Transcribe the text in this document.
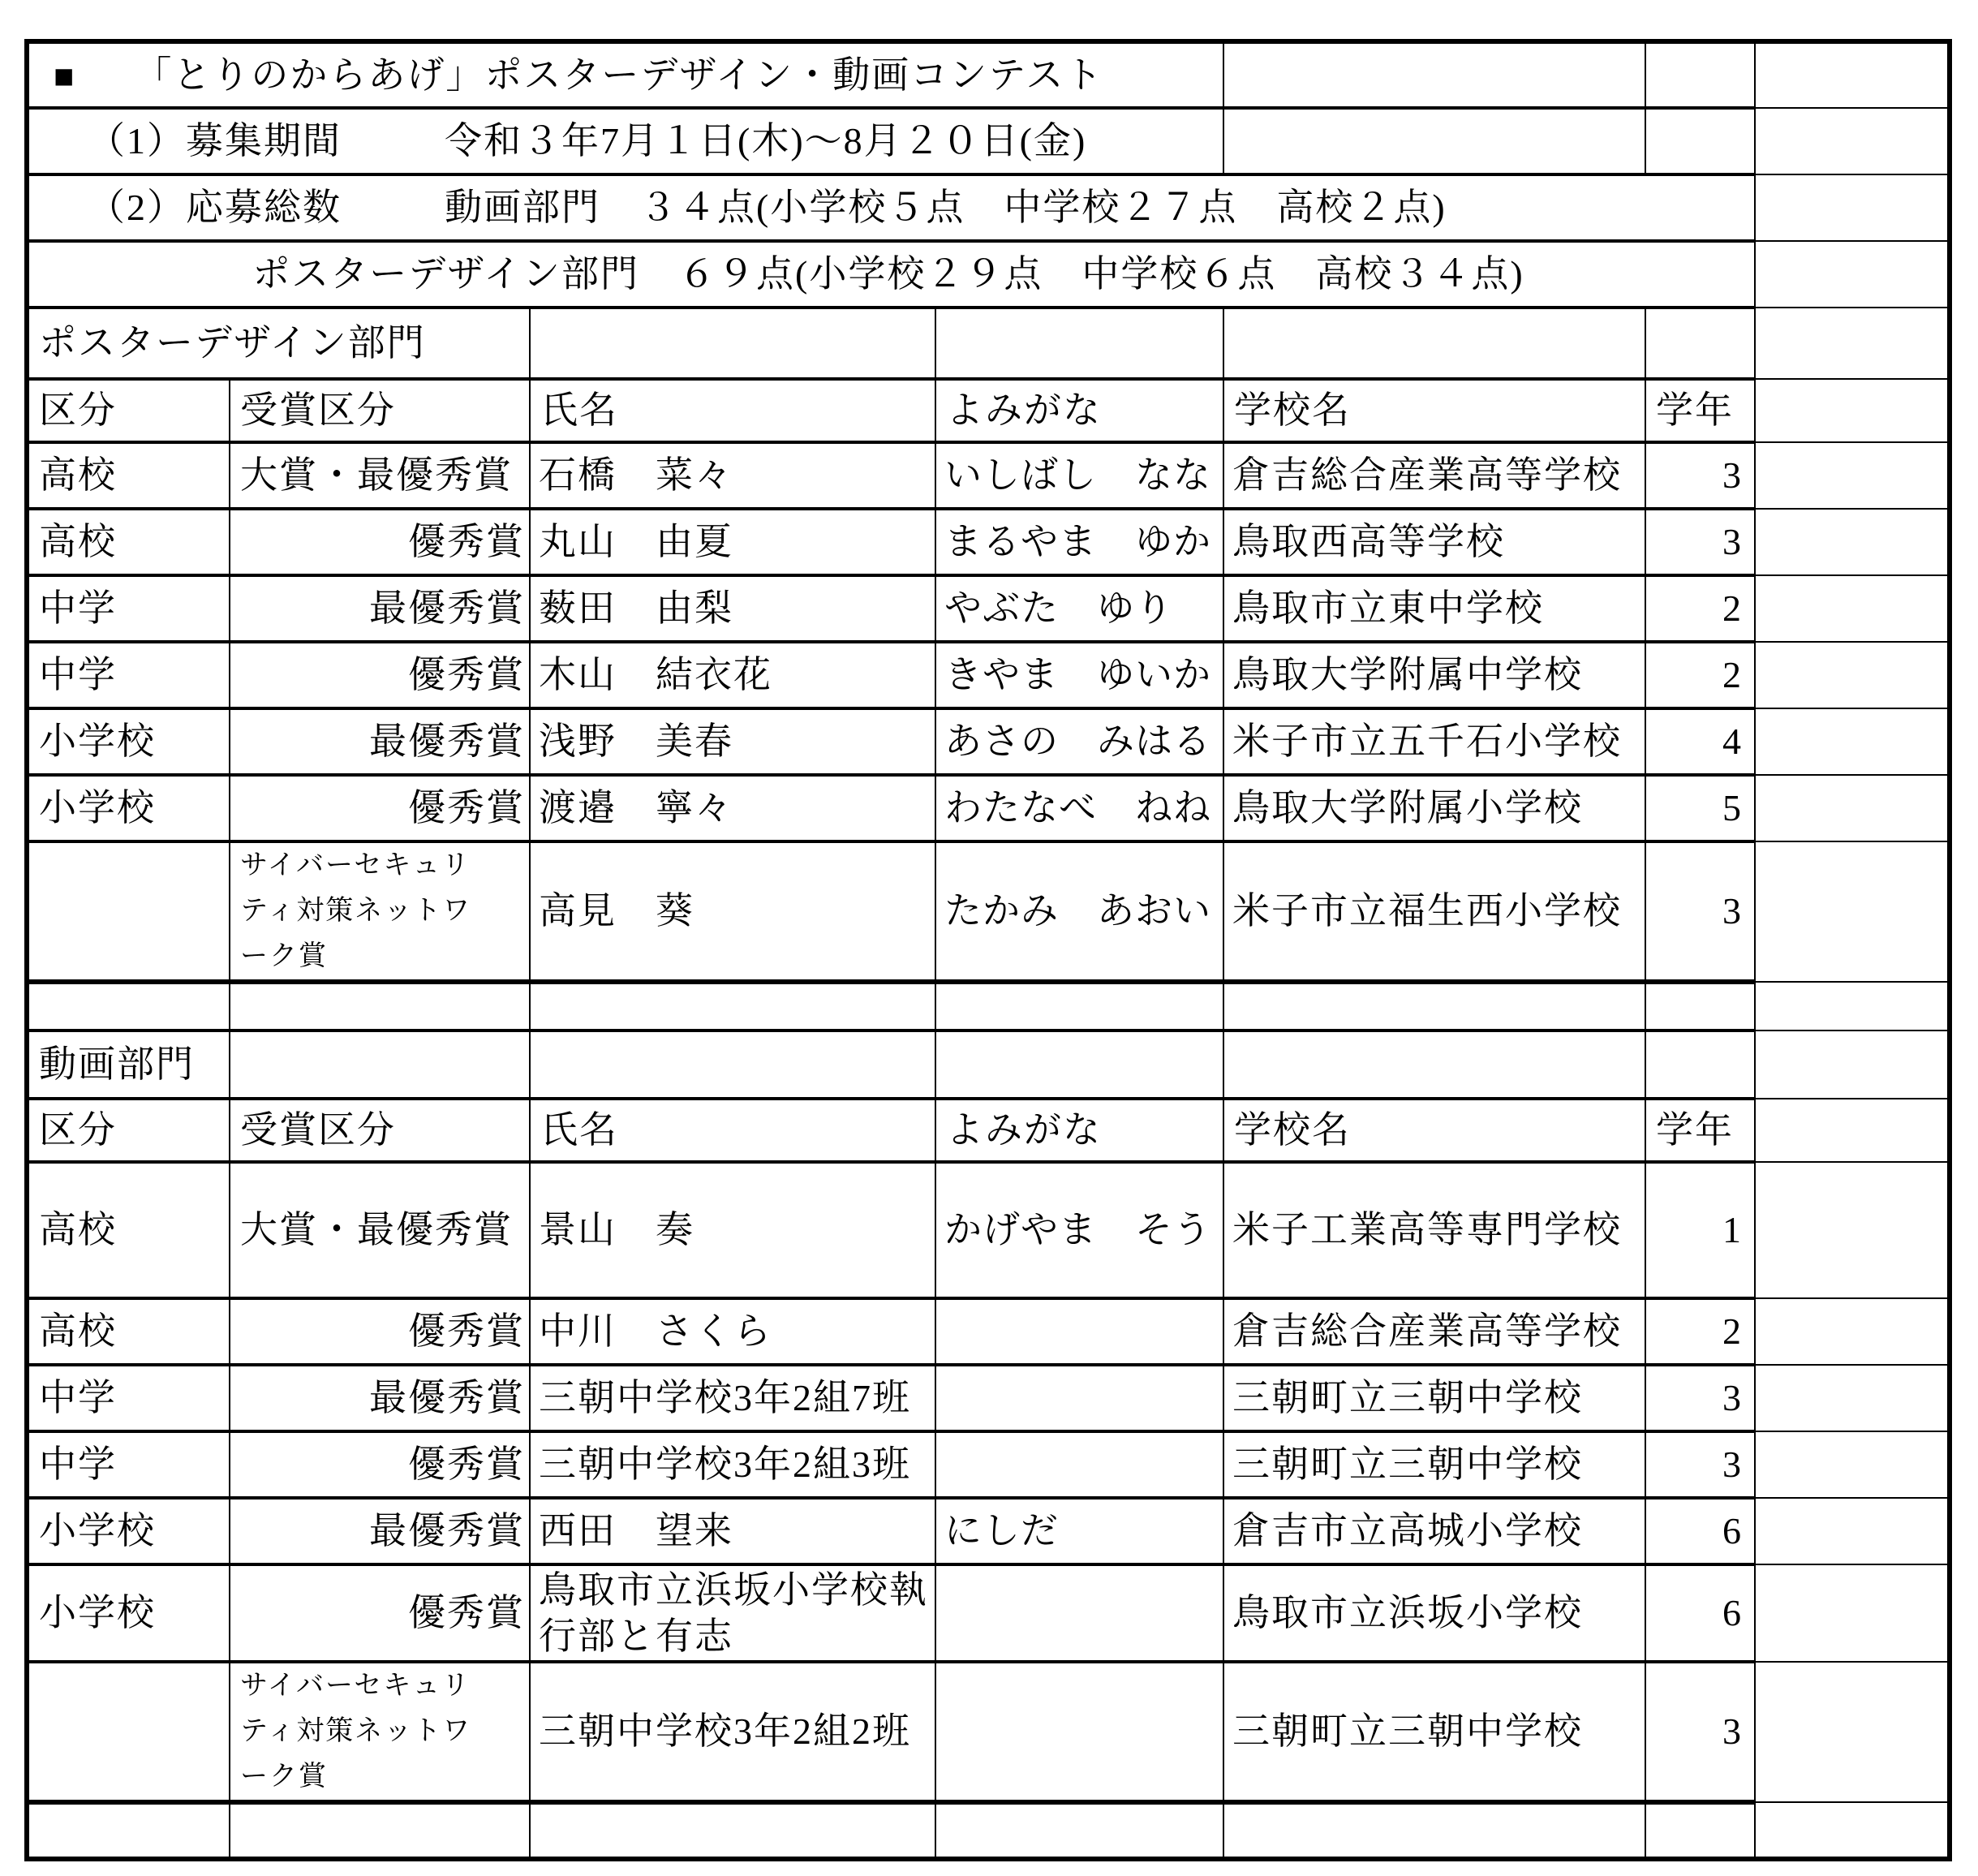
■ 「とりのからあげ」ポスターデザイン・動画コンテスト						
（1）募集期間 令和３年7月１日(木)～8月２０日(金)						
（2）応募総数 動画部門　３４点(小学校５点　中学校２７点　高校２点)						
ポスターデザイン部門　６９点(小学校２９点　中学校６点　高校３４点)						
ポスターデザイン部門						
区分	受賞区分	氏名	よみがな	学校名	学年	
高校	大賞・最優秀賞	石橋　菜々	いしばし　なな	倉吉総合産業高等学校	3	
高校	優秀賞	丸山　由夏	まるやま　ゆか	鳥取西高等学校	3	
中学	最優秀賞	薮田　由梨	やぶた　ゆり	鳥取市立東中学校	2	
中学	優秀賞	木山　結衣花	きやま　ゆいか	鳥取大学附属中学校	2	
小学校	最優秀賞	浅野　美春	あさの　みはる	米子市立五千石小学校	4	
小学校	優秀賞	渡邉　寧々	わたなべ　ねね	鳥取大学附属小学校	5	
	サイバーセキュリティ対策ネットワーク賞	高見　葵	たかみ　あおい	米子市立福生西小学校	3	

動画部門						
区分	受賞区分	氏名	よみがな	学校名	学年	
高校	大賞・最優秀賞	景山　奏	かげやま　そう	米子工業高等専門学校	1	
高校	優秀賞	中川　さくら		倉吉総合産業高等学校	2	
中学	最優秀賞	三朝中学校3年2組7班		三朝町立三朝中学校	3	
中学	優秀賞	三朝中学校3年2組3班		三朝町立三朝中学校	3	
小学校	最優秀賞	西田　望来	にしだ	倉吉市立高城小学校	6	
小学校	優秀賞	鳥取市立浜坂小学校執行部と有志		鳥取市立浜坂小学校	6	
	サイバーセキュリティ対策ネットワーク賞	三朝中学校3年2組2班		三朝町立三朝中学校	3	
